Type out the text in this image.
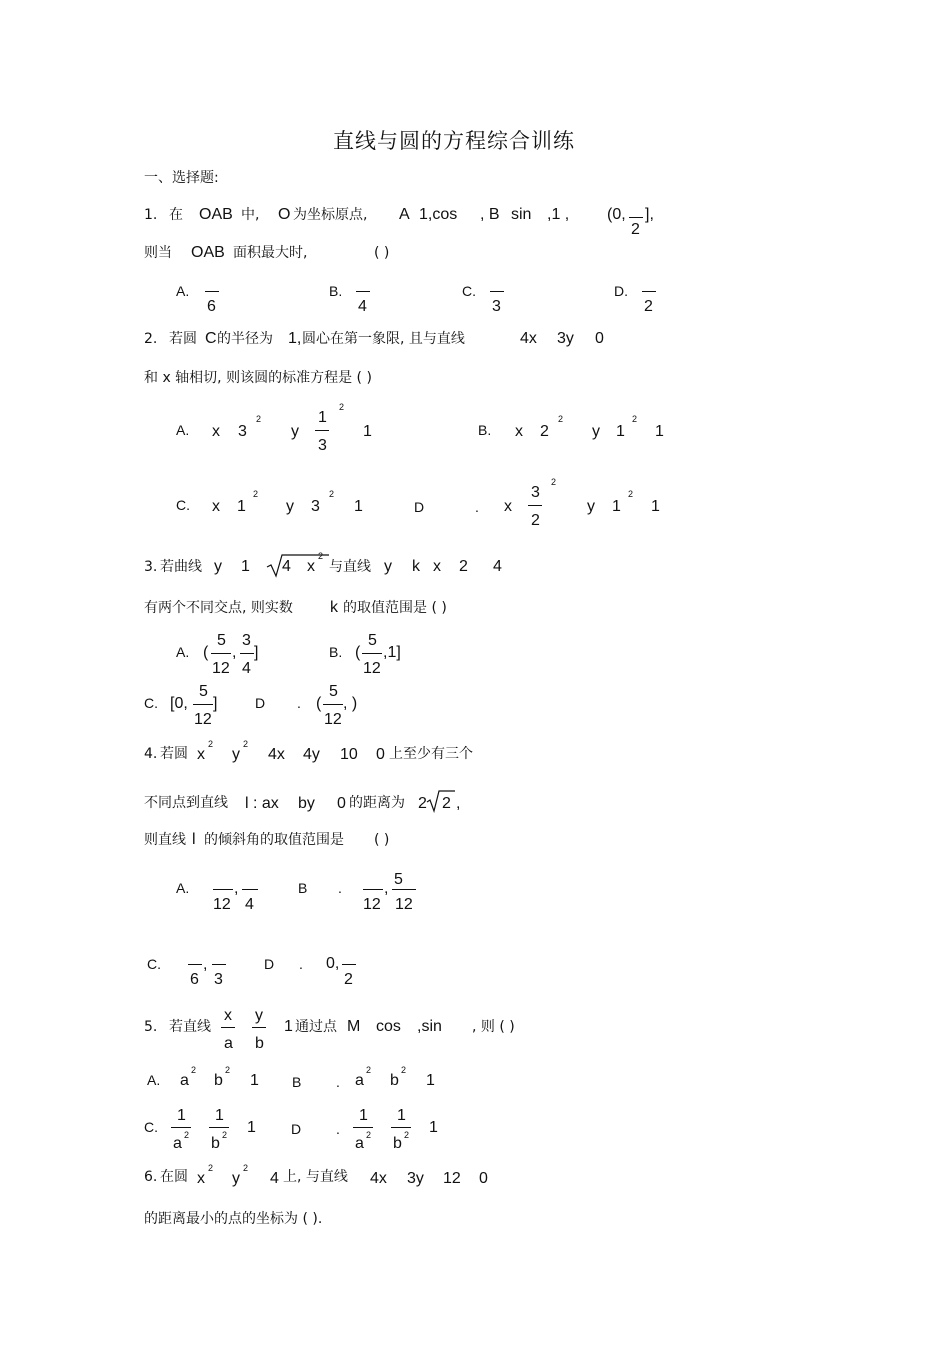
直线与圆的方程综合训练
一、选择题:
1. 在 OAB 中, O 为坐标原点, A 1,cos , B sin ,1 , (0,
2
],
则当 OAB 面积最大时,	( )
A.
6
B.
4
C.
3
D.
2
2. 若圆 C 的半径为 1, 圆心在第一象限, 且与直线	4x 3y 0
和 x 轴相切, 则该圆的标准方程是 ( )
A. x 3
2
y
1
3
2
1	B. x 2
2
y 1
2
1
C. x 1
2
y 3
2
1	D	. x
3
2
2
y 1
2
1
3. 若曲线 y 1 4 x
2
与直线 y k x 2 4
有两个不同交点, 则实数 k 的取值范围是 ( )
A. (
5
12
,
3
4
]	B. (
5
12
,1]
C. [0,
5
12
]	D . (
5
12
, )
4. 若圆 x
2
y
2
4x 4y 10 0 上至少有三个
不同点到直线 l : ax by 0 的距离为 2 2 ,
则直线 l 的倾斜角的取值范围是 ( )
A.
12
,
4
B .
12
,
5
12
C.
6
,
3
D . 0,
2
5. 若直线
x
a
y
b
1 通过点 M cos ,sin , 则 ( )
A. a
2
b
2
1 B . a
2
b
2
1
C.
1
a 2
1
b 2 1	D .
1
a 2
1
b 2 1
6. 在圆 x
2
y
2
4 上, 与直线 4x 3y 12 0
的距离最小的点的坐标为 ( ).
